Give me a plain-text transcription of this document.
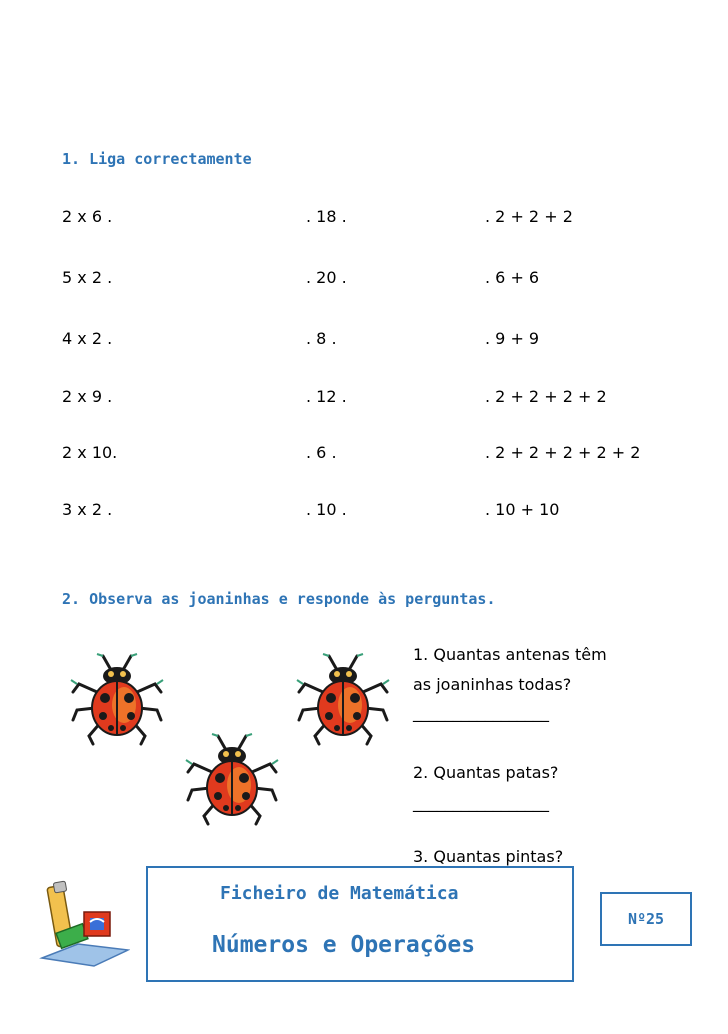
1. Liga correctamente
2 x 6 .	. 18 .	. 2 + 2 + 2
5 x 2 .	. 20 .	. 6 + 6
4 x 2 .	. 8 .	. 9 + 9
2 x 9 .	. 12 .	. 2 + 2 + 2 + 2
2 x 10.	. 6 .	. 2 + 2 + 2 + 2 + 2
3 x 2 .	. 10 .	. 10 + 10
2. Observa as joaninhas e responde às perguntas.
1. Quantas antenas têm
as joaninhas todas?
_________________
2. Quantas patas?
_________________
3. Quantas pintas?
Ficheiro de Matemática
Números e Operações
Nº25
